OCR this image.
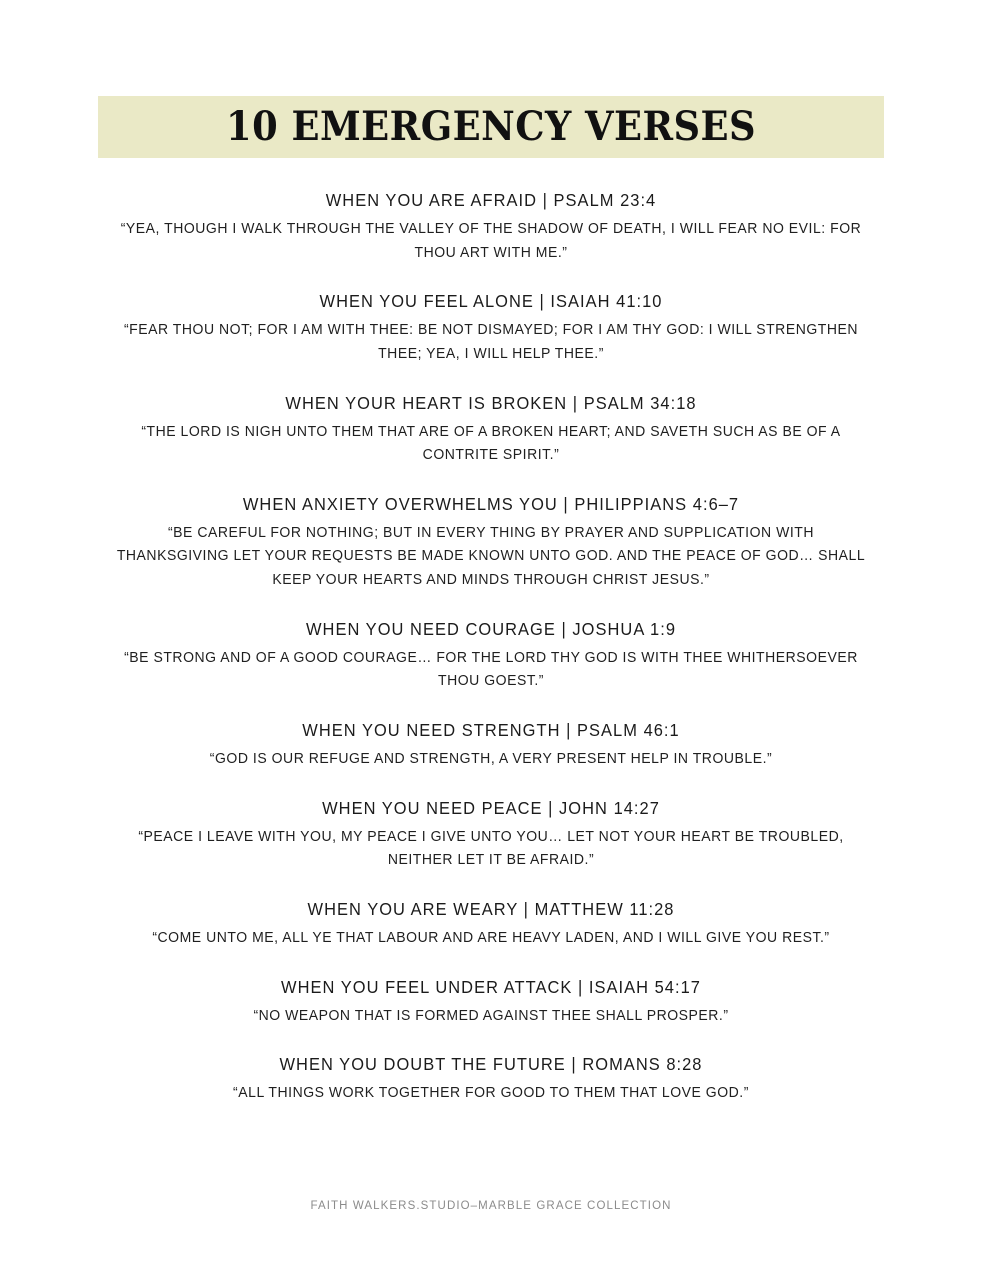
10 EMERGENCY VERSES
WHEN YOU ARE AFRAID | PSALM 23:4
“YEA, THOUGH I WALK THROUGH THE VALLEY OF THE SHADOW OF DEATH, I WILL FEAR NO EVIL: FOR THOU ART WITH ME.”
WHEN YOU FEEL ALONE | ISAIAH 41:10
“FEAR THOU NOT; FOR I AM WITH THEE: BE NOT DISMAYED; FOR I AM THY GOD: I WILL STRENGTHEN THEE; YEA, I WILL HELP THEE.”
WHEN YOUR HEART IS BROKEN | PSALM 34:18
“THE LORD IS NIGH UNTO THEM THAT ARE OF A BROKEN HEART; AND SAVETH SUCH AS BE OF A CONTRITE SPIRIT.”
WHEN ANXIETY OVERWHELMS YOU | PHILIPPIANS 4:6–7
“BE CAREFUL FOR NOTHING; BUT IN EVERY THING BY PRAYER AND SUPPLICATION WITH THANKSGIVING LET YOUR REQUESTS BE MADE KNOWN UNTO GOD. AND THE PEACE OF GOD… SHALL KEEP YOUR HEARTS AND MINDS THROUGH CHRIST JESUS.”
WHEN YOU NEED COURAGE | JOSHUA 1:9
“BE STRONG AND OF A GOOD COURAGE… FOR THE LORD THY GOD IS WITH THEE WHITHERSOEVER THOU GOEST.”
WHEN YOU NEED STRENGTH | PSALM 46:1
“GOD IS OUR REFUGE AND STRENGTH, A VERY PRESENT HELP IN TROUBLE.”
WHEN YOU NEED PEACE | JOHN 14:27
“PEACE I LEAVE WITH YOU, MY PEACE I GIVE UNTO YOU… LET NOT YOUR HEART BE TROUBLED, NEITHER LET IT BE AFRAID.”
WHEN YOU ARE WEARY | MATTHEW 11:28
“COME UNTO ME, ALL YE THAT LABOUR AND ARE HEAVY LADEN, AND I WILL GIVE YOU REST.”
WHEN YOU FEEL UNDER ATTACK | ISAIAH 54:17
“NO WEAPON THAT IS FORMED AGAINST THEE SHALL PROSPER.”
WHEN YOU DOUBT THE FUTURE | ROMANS 8:28
“ALL THINGS WORK TOGETHER FOR GOOD TO THEM THAT LOVE GOD.”
FAITH WALKERS.STUDIO–MARBLE GRACE COLLECTION
